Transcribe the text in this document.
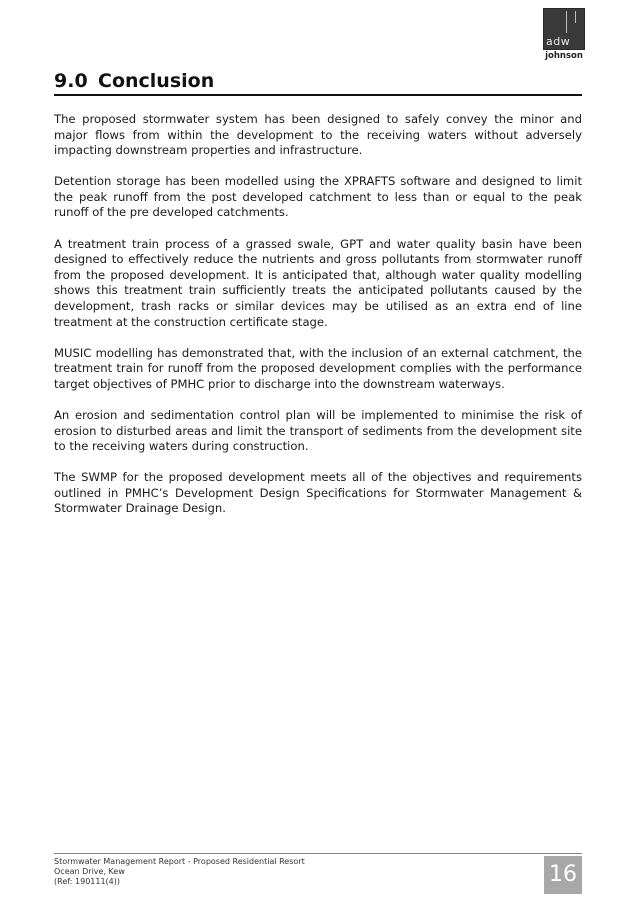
adw
johnson
9.0 Conclusion

The proposed stormwater system has been designed to safely convey the minor and major flows from within the development to the receiving waters without adversely impacting downstream properties and infrastructure.

Detention storage has been modelled using the XPRAFTS software and designed to limit the peak runoff from the post developed catchment to less than or equal to the peak runoff of the pre developed catchments.

A treatment train process of a grassed swale, GPT and water quality basin have been designed to effectively reduce the nutrients and gross pollutants from stormwater runoff from the proposed development. It is anticipated that, although water quality modelling shows this treatment train sufficiently treats the anticipated pollutants caused by the development, trash racks or similar devices may be utilised as an extra end of line treatment at the construction certificate stage.

MUSIC modelling has demonstrated that, with the inclusion of an external catchment, the treatment train for runoff from the proposed development complies with the performance target objectives of PMHC prior to discharge into the downstream waterways.

An erosion and sedimentation control plan will be implemented to minimise the risk of erosion to disturbed areas and limit the transport of sediments from the development site to the receiving waters during construction.

The SWMP for the proposed development meets all of the objectives and requirements outlined in PMHC’s Development Design Specifications for Stormwater Management & Stormwater Drainage Design.

Stormwater Management Report - Proposed Residential Resort
Ocean Drive, Kew
(Ref: 190111(4))	16
